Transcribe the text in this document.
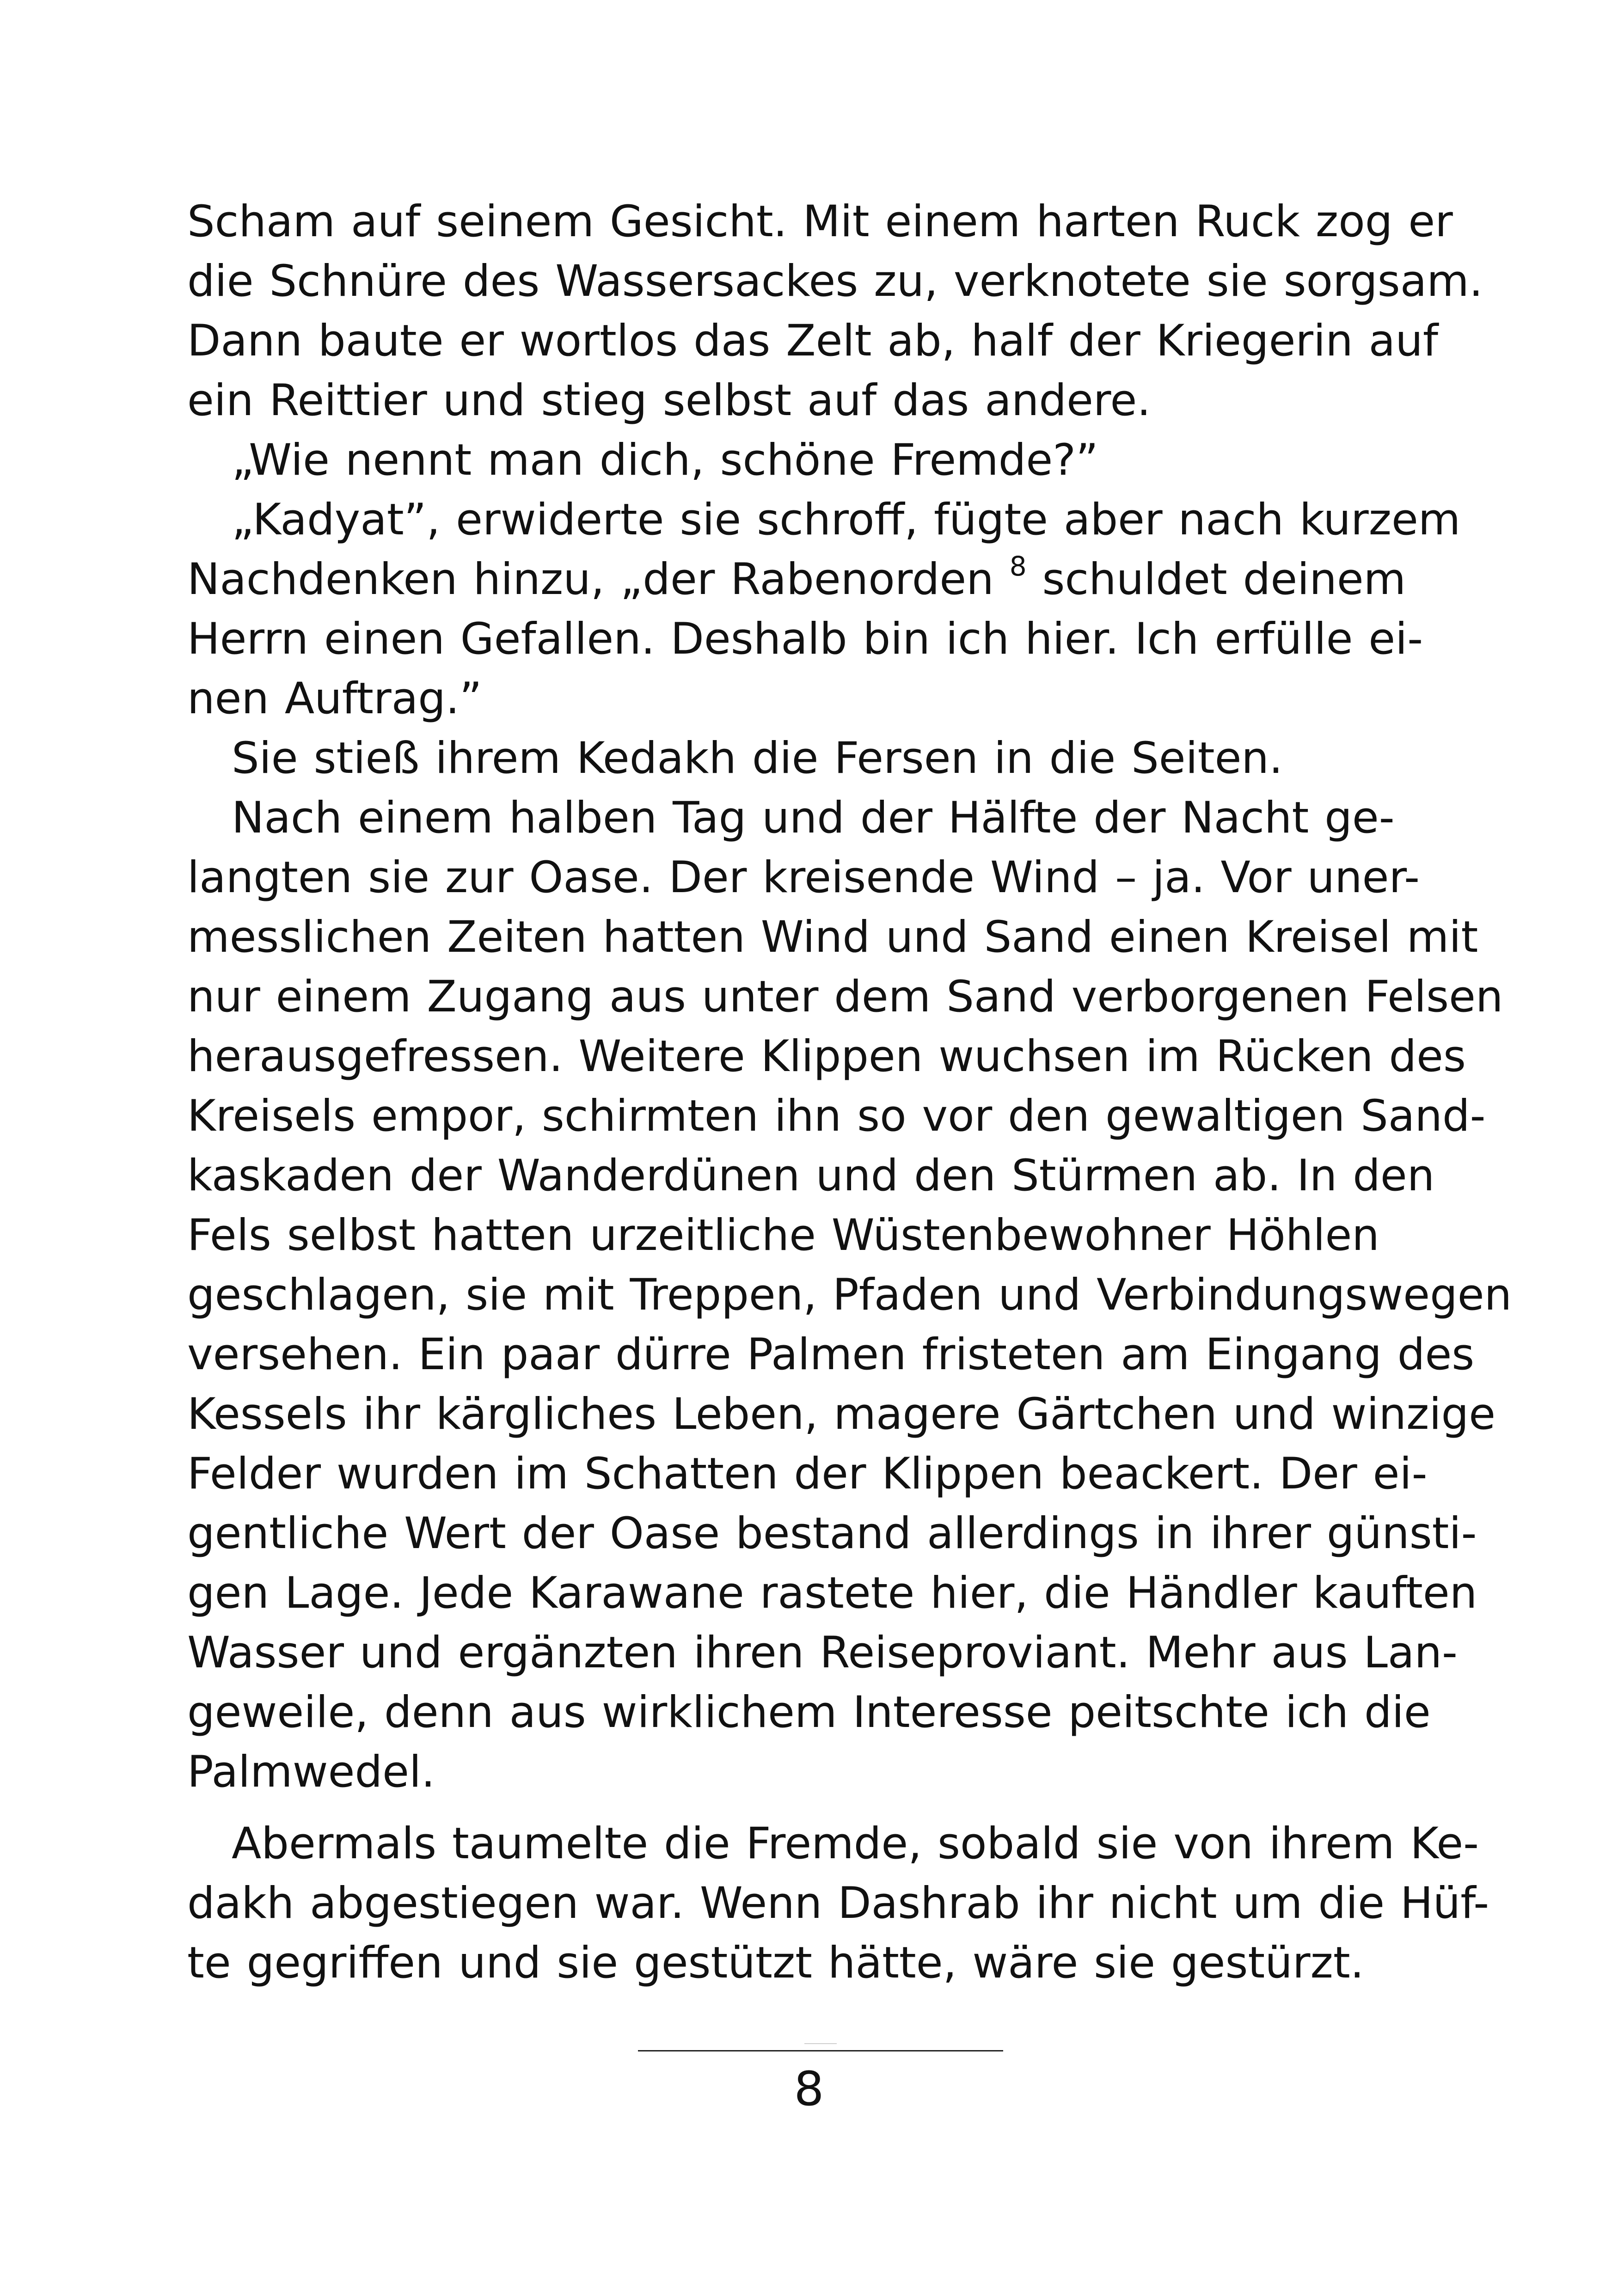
Scham auf seinem Gesicht. Mit einem harten Ruck zog er
die Schnüre des Wassersackes zu, verknotete sie sorgsam.
Dann baute er wortlos das Zelt ab, half der Kriegerin auf
ein Reittier und stieg selbst auf das andere.
„Wie nennt man dich, schöne Fremde?”
„Kadyat”, erwiderte sie schroff, fügte aber nach kurzem
Nachdenken hinzu, „der Rabenorden $^8$ schuldet deinem
Herrn einen Gefallen. Deshalb bin ich hier. Ich erfülle ei-
nen Auftrag.”
Sie stieß ihrem Kedakh die Fersen in die Seiten.
Nach einem halben Tag und der Hälfte der Nacht ge-
langten sie zur Oase. Der kreisende Wind – ja. Vor uner-
messlichen Zeiten hatten Wind und Sand einen Kreisel mit
nur einem Zugang aus unter dem Sand verborgenen Felsen
herausgefressen. Weitere Klippen wuchsen im Rücken des
Kreisels empor, schirmten ihn so vor den gewaltigen Sand-
kaskaden der Wanderdünen und den Stürmen ab. In den
Fels selbst hatten urzeitliche Wüstenbewohner Höhlen
geschlagen, sie mit Treppen, Pfaden und Verbindungswegen
versehen. Ein paar dürre Palmen fristeten am Eingang des
Kessels ihr kärgliches Leben, magere Gärtchen und winzige
Felder wurden im Schatten der Klippen beackert. Der ei-
gentliche Wert der Oase bestand allerdings in ihrer günsti-
gen Lage. Jede Karawane rastete hier, die Händler kauften
Wasser und ergänzten ihren Reiseproviant. Mehr aus Lan-
geweile, denn aus wirklichem Interesse peitschte ich die
Palmwedel.
Abermals taumelte die Fremde, sobald sie von ihrem Ke-
dakh abgestiegen war. Wenn Dashrab ihr nicht um die Hüf-
te gegriffen und sie gestützt hätte, wäre sie gestürzt.
8
